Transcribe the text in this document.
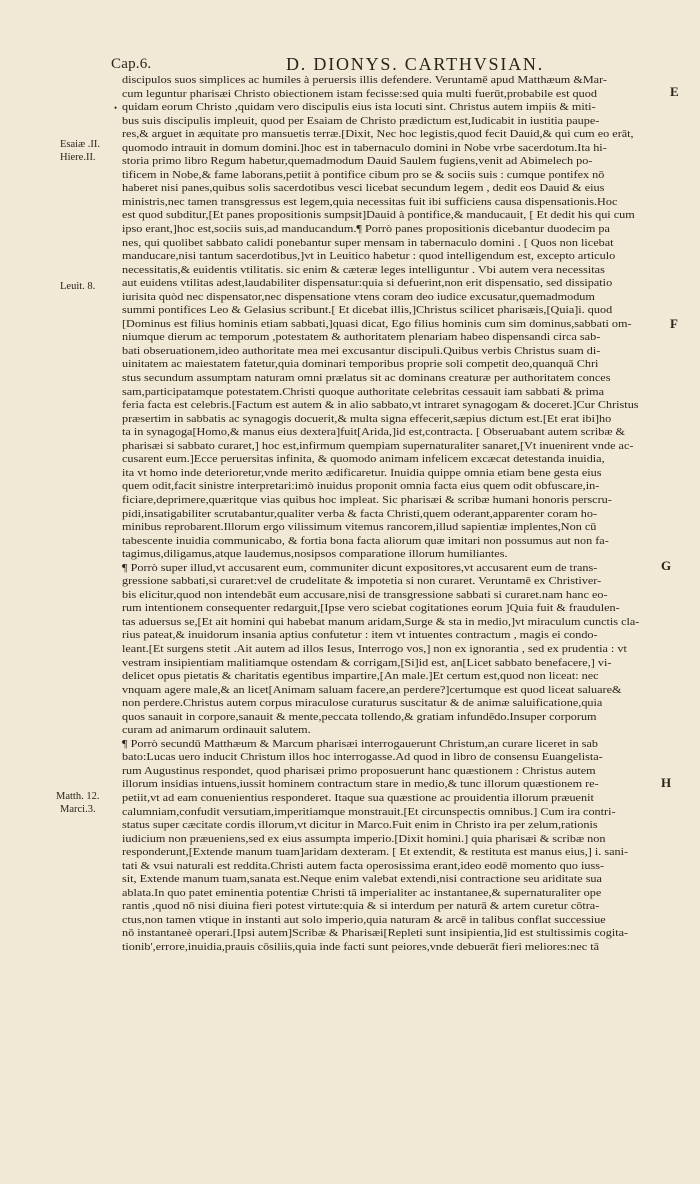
Cap.6.	D. DIONYS. CARTHVSIAN.
E
F
G
H
Esaiæ .II.
Hiere.II.
Leuit. 8.
Matth. 12.
Marci.3.
•
discipulos suos simplices ac humiles à peruersis illis defendere. Veruntamē apud Matthæum &Mar-
cum leguntur pharisæi Christo obiectionem istam fecisse:sed quia multi fuerūt,probabile est quod
quidam eorum Christo ,quidam vero discipulis eius ista locuti sint. Christus autem impiis & miti-
bus suis discipulis impleuit, quod per Esaiam de Christo prædictum est,Iudicabit in iustitia paupe-
res,& arguet in æquitate pro mansuetis terræ.[Dixit, Nec hoc legistis,quod fecit Dauid,& qui cum eo erāt,
quomodo intrauit in domum domini.]hoc est in tabernaculo domini in Nobe vrbe sacerdotum.Ita hi-
storia primo libro Regum habetur,quemadmodum Dauid Saulem fugiens,venit ad Abimelech po-
tificem in Nobe,& fame laborans,petiit à pontifice cibum pro se & sociis suis : cumque pontifex nō
haberet nisi panes,quibus solis sacerdotibus vesci licebat secundum legem , dedit eos Dauid & eius
ministris,nec tamen transgressus est legem,quia necessitas fuit ibi sufficiens causa dispensationis.Hoc
est quod subditur,[Et panes propositionis sumpsit]Dauid à pontifice,& manducauit, [ Et dedit his qui cum
ipso erant,]hoc est,sociis suis,ad manducandum.¶ Porrò panes propositionis dicebantur duodecim pa
nes, qui quolibet sabbato calidi ponebantur super mensam in tabernaculo domini . [ Quos non licebat
manducare,nisi tantum sacerdotibus,]vt in Leuitico habetur : quod intelligendum est, excepto articulo
necessitatis,& euidentis vtilitatis. sic enim & cæteræ leges intelliguntur . Vbi autem vera necessitas
aut euidens vtilitas adest,laudabiliter dispensatur:quia si defuerint,non erit dispensatio, sed dissipatio
iurisita quòd nec dispensator,nec dispensatione vtens coram deo iudice excusatur,quemadmodum
summi pontifices Leo & Gelasius scribunt.[ Et dicebat illis,]Christus scilicet pharisæis,[Quia]i. quod
[Dominus est filius hominis etiam sabbati,]quasi dicat, Ego filius hominis cum sim dominus,sabbati om-
niumque dierum ac temporum ,potestatem & authoritatem plenariam habeo dispensandi circa sab-
bati obseruationem,ideo authoritate mea mei excusantur discipuli.Quibus verbis Christus suam di-
uinitatem ac maiestatem fatetur,quia dominari temporibus proprie soli competit deo,quanquā Chri
stus secundum assumptam naturam omni prælatus sit ac dominans creaturæ per authoritatem conces
sam,participatamque potestatem.Christi quoque authoritate celebritas cessauit iam sabbati & prima
feria facta est celebris.[Factum est autem & in alio sabbato,vt intraret synagogam & doceret.]Cur Christus
præsertim in sabbatis ac synagogis docuerit,& multa signa effecerit,sæpius dictum est.[Et erat ibi]ho
ta in synagoga[Homo,& manus eius dextera]fuit[Arida,]id est,contracta. [ Obseruabant autem scribæ &
pharisæi si sabbato curaret,] hoc est,infirmum quempiam supernaturaliter sanaret,[Vt inuenirent vnde ac-
cusarent eum.]Ecce peruersitas infinita, & quomodo animam infelicem excæcat detestanda inuidia,
ita vt homo inde deterioretur,vnde merito ædificaretur. Inuidia quippe omnia etiam bene gesta eius
quem odit,facit sinistre interpretari:imò inuidus proponit omnia facta eius quem odit obfuscare,in-
ficiare,deprimere,quæritque vias quibus hoc impleat. Sic pharisæi & scribæ humani honoris perscru-
pidi,insatigabiliter scrutabantur,qualiter verba & facta Christi,quem oderant,apparenter coram ho-
minibus reprobarent.Illorum ergo vilissimum vitemus rancorem,illud sapientiæ implentes,Non cū
tabescente inuidia communicabo, & fortia bona facta aliorum quæ imitari non possumus aut non fa-
tagimus,diligamus,atque laudemus,nosipsos comparatione illorum humiliantes.
¶ Porrò super illud,vt accusarent eum, communiter dicunt expositores,vt accusarent eum de trans-
gressione sabbati,si curaret:vel de crudelitate & impotetia si non curaret. Veruntamē ex Christiver-
bis elicitur,quod non intendebāt eum accusare,nisi de transgressione sabbati si curaret.nam hanc eo-
rum intentionem consequenter redarguit,[Ipse vero sciebat cogitationes eorum ]Quia fuit & fraudulen-
tas aduersus se,[Et ait homini qui habebat manum aridam,Surge & sta in medio,]vt miraculum cunctis cla-
rius pateat,& inuidorum insania aptius confutetur : item vt intuentes contractum , magis ei condo-
leant.[Et surgens stetit .Ait autem ad illos Iesus, Interrogo vos,] non ex ignorantia , sed ex prudentia : vt
vestram insipientiam malitiamque ostendam & corrigam,[Si]id est, an[Licet sabbato benefacere,] vi-
delicet opus pietatis & charitatis egentibus impartire,[An male.]Et certum est,quod non liceat: nec
vnquam agere male,& an licet[Animam saluam facere,an perdere?]certumque est quod liceat saluare&
non perdere.Christus autem corpus miraculose curaturus suscitatur & de animæ saluificatione,quia
quos sanauit in corpore,sanauit & mente,peccata tollendo,& gratiam infundēdo.Insuper corporum
curam ad animarum ordinauit salutem.
¶ Porrò secundū Matthæum & Marcum pharisæi interrogauerunt Christum,an curare liceret in sab
bato:Lucas uero inducit Christum illos hoc interrogasse.Ad quod in libro de consensu Euangelista-
rum Augustinus respondet, quod pharisæi primo proposuerunt hanc quæstionem : Christus autem
illorum insidias intuens,iussit hominem contractum stare in medio,& tunc illorum quæstionem re-
petiit,vt ad eam conuenientius responderet. Itaque sua quæstione ac prouidentia illorum præuenit
calumniam,confudit versutiam,imperitiamque monstrauit.[Et circunspectis omnibus.] Cum ira contri-
status super cæcitate cordis illorum,vt dicitur in Marco.Fuit enim in Christo ira per zelum,rationis
iudicium non præueniens,sed ex eius assumpta imperio.[Dixit homini.] quia pharisæi & scribæ non
responderunt,[Extende manum tuam]aridam dexteram. [ Et extendit, & restituta est manus eius,] i. sani-
tati & vsui naturali est reddita.Christi autem facta operosissima erant,ideo eodē momento quo iuss-
sit, Extende manum tuam,sanata est.Neque enim valebat extendi,nisi contractione seu ariditate sua
ablata.In quo patet eminentia potentiæ Christi tā imperialiter ac instantanee,& supernaturaliter ope
rantis ,quod nō nisi diuina fieri potest virtute:quia & si interdum per naturā & artem curetur cōtra-
ctus,non tamen vtique in instanti aut solo imperio,quia naturam & arcē in talibus conflat successiue
nō instantaneè operari.[Ipsi autem]Scribæ & Pharisæi[Repleti sunt insipientia,]id est stultissimis cogita-
tionib',errore,inuidia,prauis cōsiliis,quia inde facti sunt peiores,vnde debuerāt fieri meliores:nec tā
